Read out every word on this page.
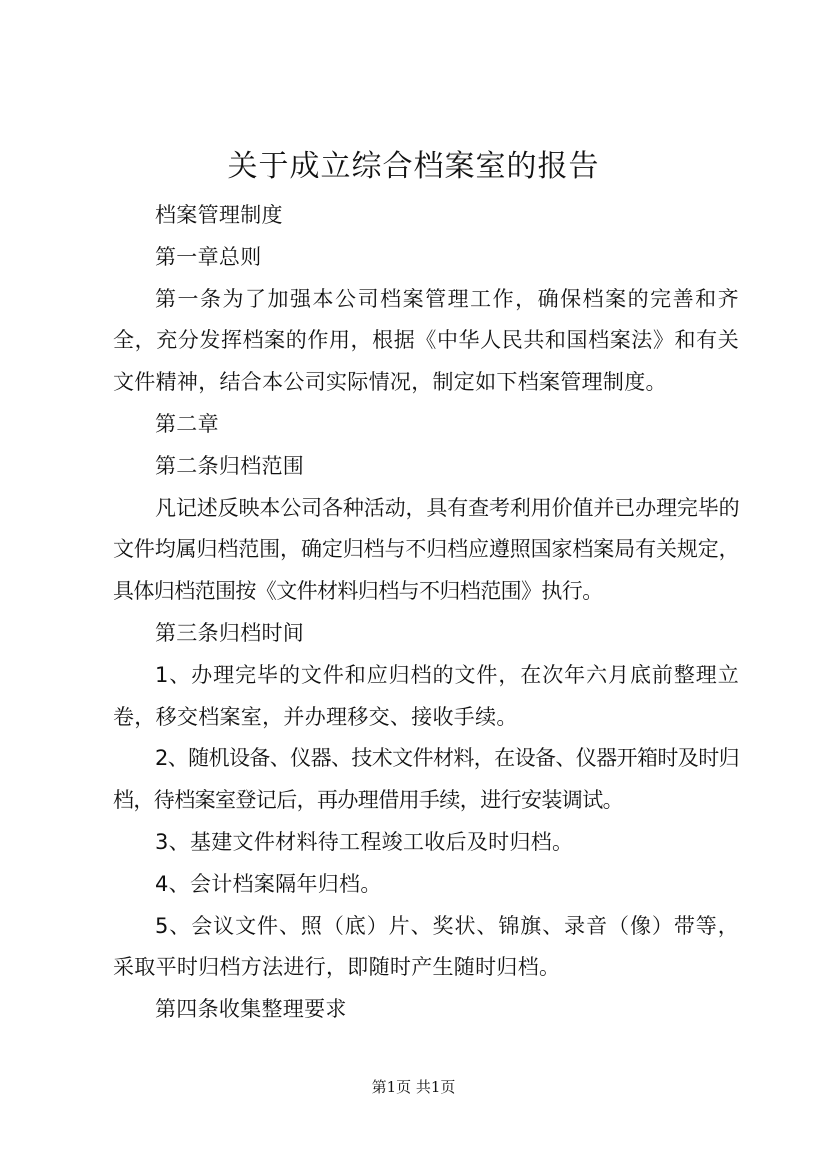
关于成立综合档案室的报告

档案管理制度

第一章总则

第一条为了加强本公司档案管理工作，确保档案的完善和齐全，充分发挥档案的作用，根据《中华人民共和国档案法》和有关文件精神，结合本公司实际情况，制定如下档案管理制度。

第二章

第二条归档范围

凡记述反映本公司各种活动，具有查考利用价值并已办理完毕的文件均属归档范围，确定归档与不归档应遵照国家档案局有关规定，具体归档范围按《文件材料归档与不归档范围》执行。

第三条归档时间

1、办理完毕的文件和应归档的文件，在次年六月底前整理立卷，移交档案室，并办理移交、接收手续。

2、随机设备、仪器、技术文件材料，在设备、仪器开箱时及时归档，待档案室登记后，再办理借用手续，进行安装调试。

3、基建文件材料待工程竣工收后及时归档。

4、会计档案隔年归档。

5、会议文件、照（底）片、奖状、锦旗、录音（像）带等，采取平时归档方法进行，即随时产生随时归档。

第四条收集整理要求

第1页 共1页
